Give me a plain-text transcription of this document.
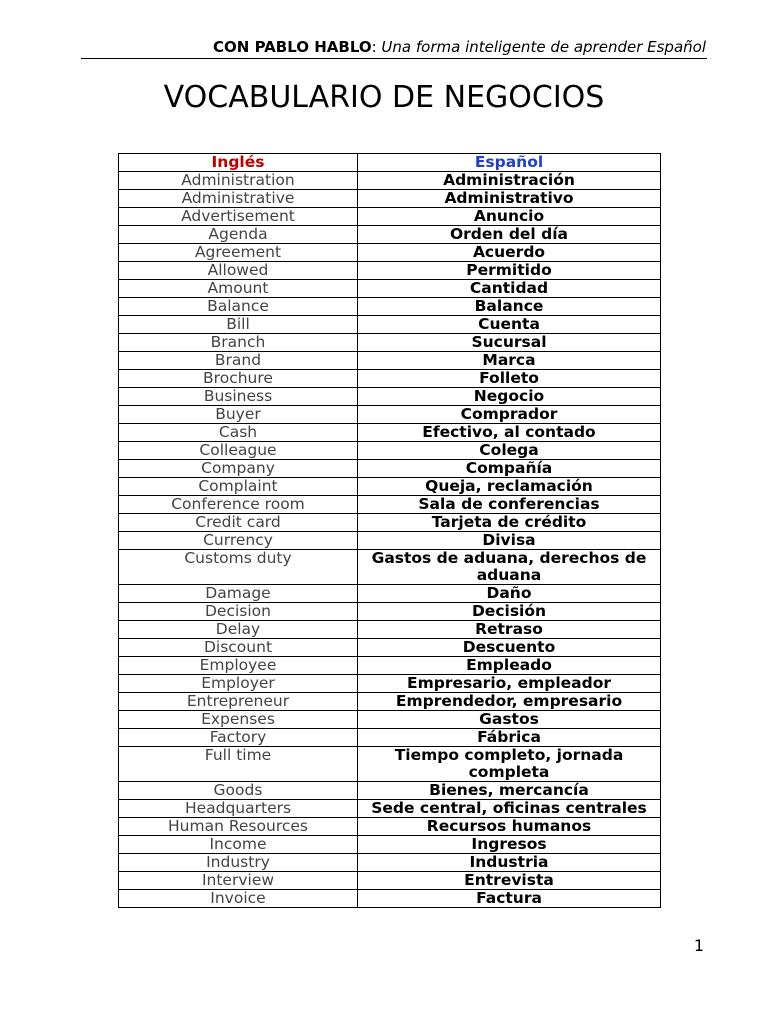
CON PABLO HABLO: Una forma inteligente de aprender Español
VOCABULARIO DE NEGOCIOS
Inglés	Español
Administration	Administración
Administrative	Administrativo
Advertisement	Anuncio
Agenda	Orden del día
Agreement	Acuerdo
Allowed	Permitido
Amount	Cantidad
Balance	Balance
Bill	Cuenta
Branch	Sucursal
Brand	Marca
Brochure	Folleto
Business	Negocio
Buyer	Comprador
Cash	Efectivo, al contado
Colleague	Colega
Company	Compañía
Complaint	Queja, reclamación
Conference room	Sala de conferencias
Credit card	Tarjeta de crédito
Currency	Divisa
Customs duty	Gastos de aduana, derechos de aduana
Damage	Daño
Decision	Decisión
Delay	Retraso
Discount	Descuento
Employee	Empleado
Employer	Empresario, empleador
Entrepreneur	Emprendedor, empresario
Expenses	Gastos
Factory	Fábrica
Full time	Tiempo completo, jornada completa
Goods	Bienes, mercancía
Headquarters	Sede central, oficinas centrales
Human Resources	Recursos humanos
Income	Ingresos
Industry	Industria
Interview	Entrevista
Invoice	Factura
1
